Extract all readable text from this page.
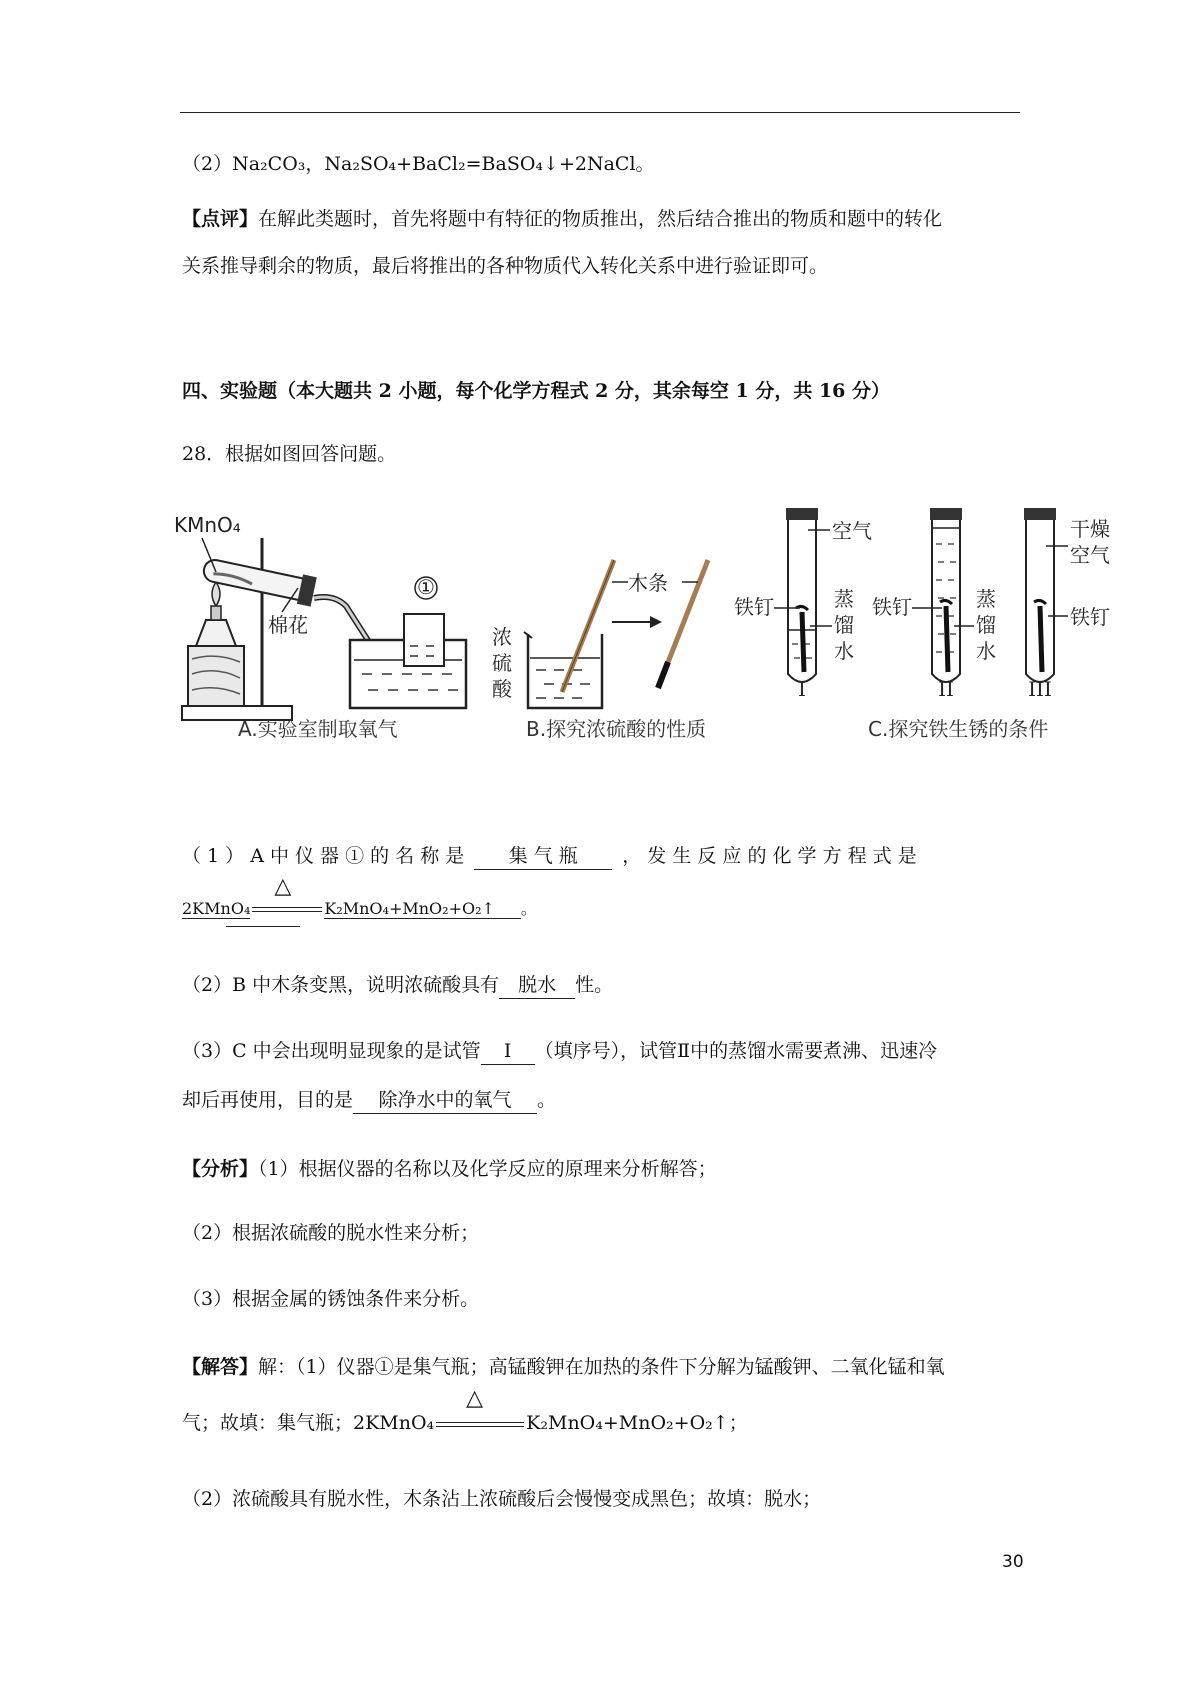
（2）Na₂CO₃，Na₂SO₄+BaCl₂=BaSO₄↓+2NaCl。
【点评】在解此类题时，首先将题中有特征的物质推出，然后结合推出的物质和题中的转化
关系推导剩余的物质，最后将推出的各种物质代入转化关系中进行验证即可。
四、实验题（本大题共 2 小题，每个化学方程式 2 分，其余每空 1 分，共 16 分）
28．根据如图回答问题。
①
KMnO₄
棉花
A.实验室制取氧气
木条
浓
硫
酸
B.探究浓硫酸的性质
空气
铁钉	蒸
馏
水
I
铁钉	蒸
馏
水
II
干燥
空气
铁钉
III
C.探究铁生锈的条件
（ 1 ） A 中 仪 器 ① 的 名 称 是 集 气 瓶 ， 发 生 反 应 的 化 学 方 程 式 是
2KMnO₄
△
K₂MnO₄+MnO₂+O₂↑ 。
（2）B 中木条变黑，说明浓硫酸具有 脱水 性。
（3）C 中会出现明显现象的是试管 I （填序号），试管Ⅱ中的蒸馏水需要煮沸、迅速冷
却后再使用，目的是 除净水中的氧气 。
【分析】（1）根据仪器的名称以及化学反应的原理来分析解答；
（2）根据浓硫酸的脱水性来分析；
（3）根据金属的锈蚀条件来分析。
【解答】解：（1）仪器①是集气瓶；高锰酸钾在加热的条件下分解为锰酸钾、二氧化锰和氧
气；故填：集气瓶；2KMnO₄
△
K₂MnO₄+MnO₂+O₂↑；
（2）浓硫酸具有脱水性，木条沾上浓硫酸后会慢慢变成黑色；故填：脱水；
30
